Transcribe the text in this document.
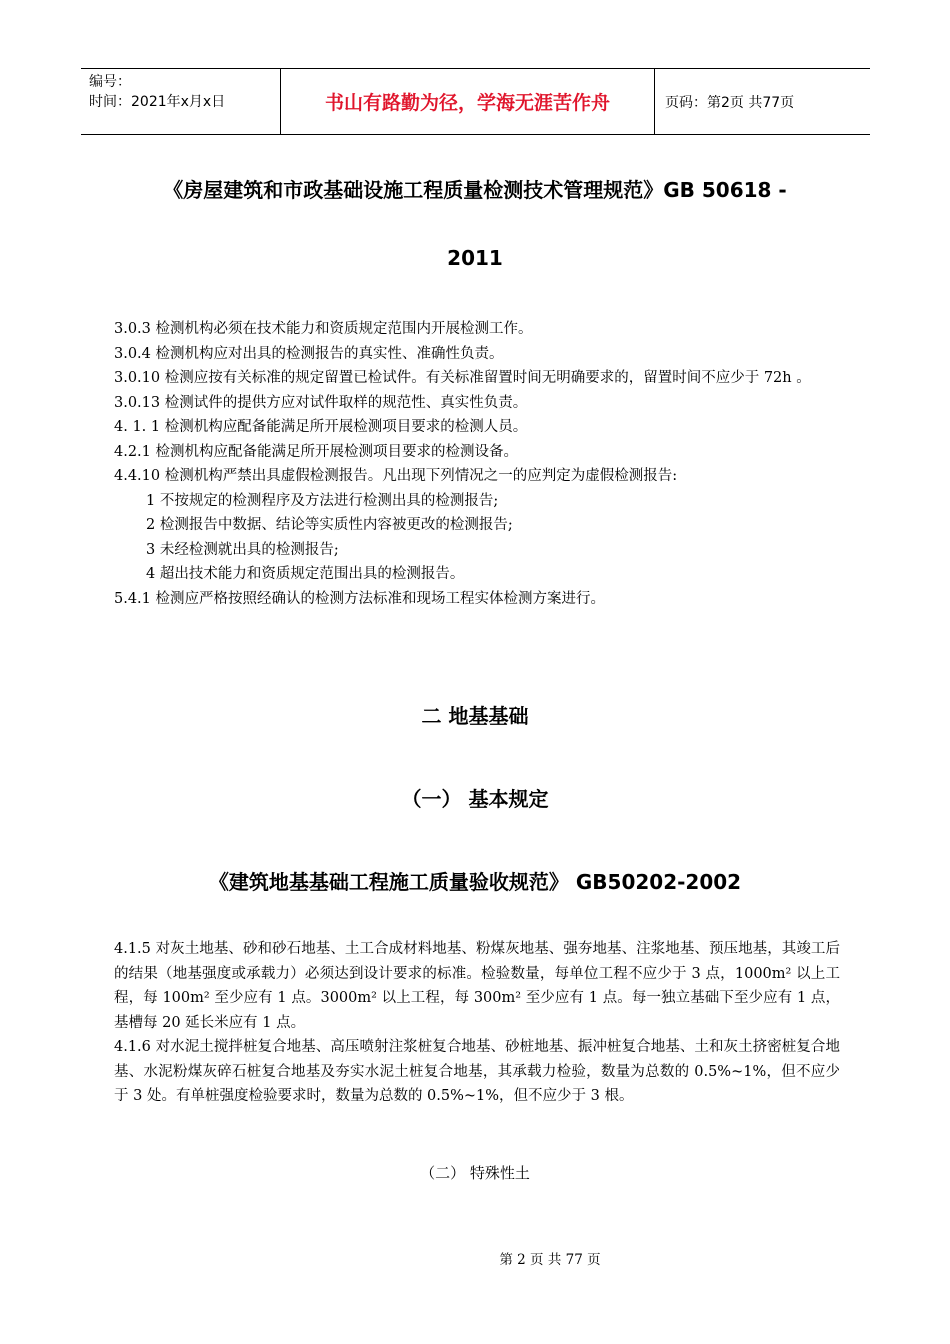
编号：
时间：2021年x月x日	书山有路勤为径，学海无涯苦作舟	页码：第2页 共77页
《房屋建筑和市政基础设施工程质量检测技术管理规范》GB 50618 -
2011

3.0.3 检测机构必须在技术能力和资质规定范围内开展检测工作。

3.0.4 检测机构应对出具的检测报告的真实性、准确性负责。

3.0.10 检测应按有关标准的规定留置已检试件。有关标准留置时间无明确要求的，留置时间不应少于 72h 。

3.0.13 检测试件的提供方应对试件取样的规范性、真实性负责。

4. 1. 1 检测机构应配备能满足所开展检测项目要求的检测人员。

4.2.1 检测机构应配备能满足所开展检测项目要求的检测设备。

4.4.10 检测机构严禁出具虚假检测报告。凡出现下列情况之一的应判定为虚假检测报告:

1 不按规定的检测程序及方法进行检测出具的检测报告;

2 检测报告中数据、结论等实质性内容被更改的检测报告;

3 未经检测就出具的检测报告;

4 超出技术能力和资质规定范围出具的检测报告。

5.4.1 检测应严格按照经确认的检测方法标准和现场工程实体检测方案进行。

二 地基基础
（一） 基本规定
《建筑地基基础工程施工质量验收规范》 GB50202-2002

4.1.5 对灰土地基、砂和砂石地基、土工合成材料地基、粉煤灰地基、强夯地基、注浆地基、预压地基，其竣工后的结果（地基强度或承载力）必须达到设计要求的标准。检验数量，每单位工程不应少于 3 点，1000m² 以上工程，每 100m² 至少应有 1 点。3000m² 以上工程，每 300m² 至少应有 1 点。每一独立基础下至少应有 1 点，基槽每 20 延长米应有 1 点。

4.1.6 对水泥土搅拌桩复合地基、高压喷射注浆桩复合地基、砂桩地基、振冲桩复合地基、土和灰土挤密桩复合地基、水泥粉煤灰碎石桩复合地基及夯实水泥土桩复合地基，其承载力检验，数量为总数的 0.5%~1%，但不应少于 3 处。有单桩强度检验要求时，数量为总数的 0.5%~1%，但不应少于 3 根。

（二） 特殊性土
第 2 页 共 77 页
